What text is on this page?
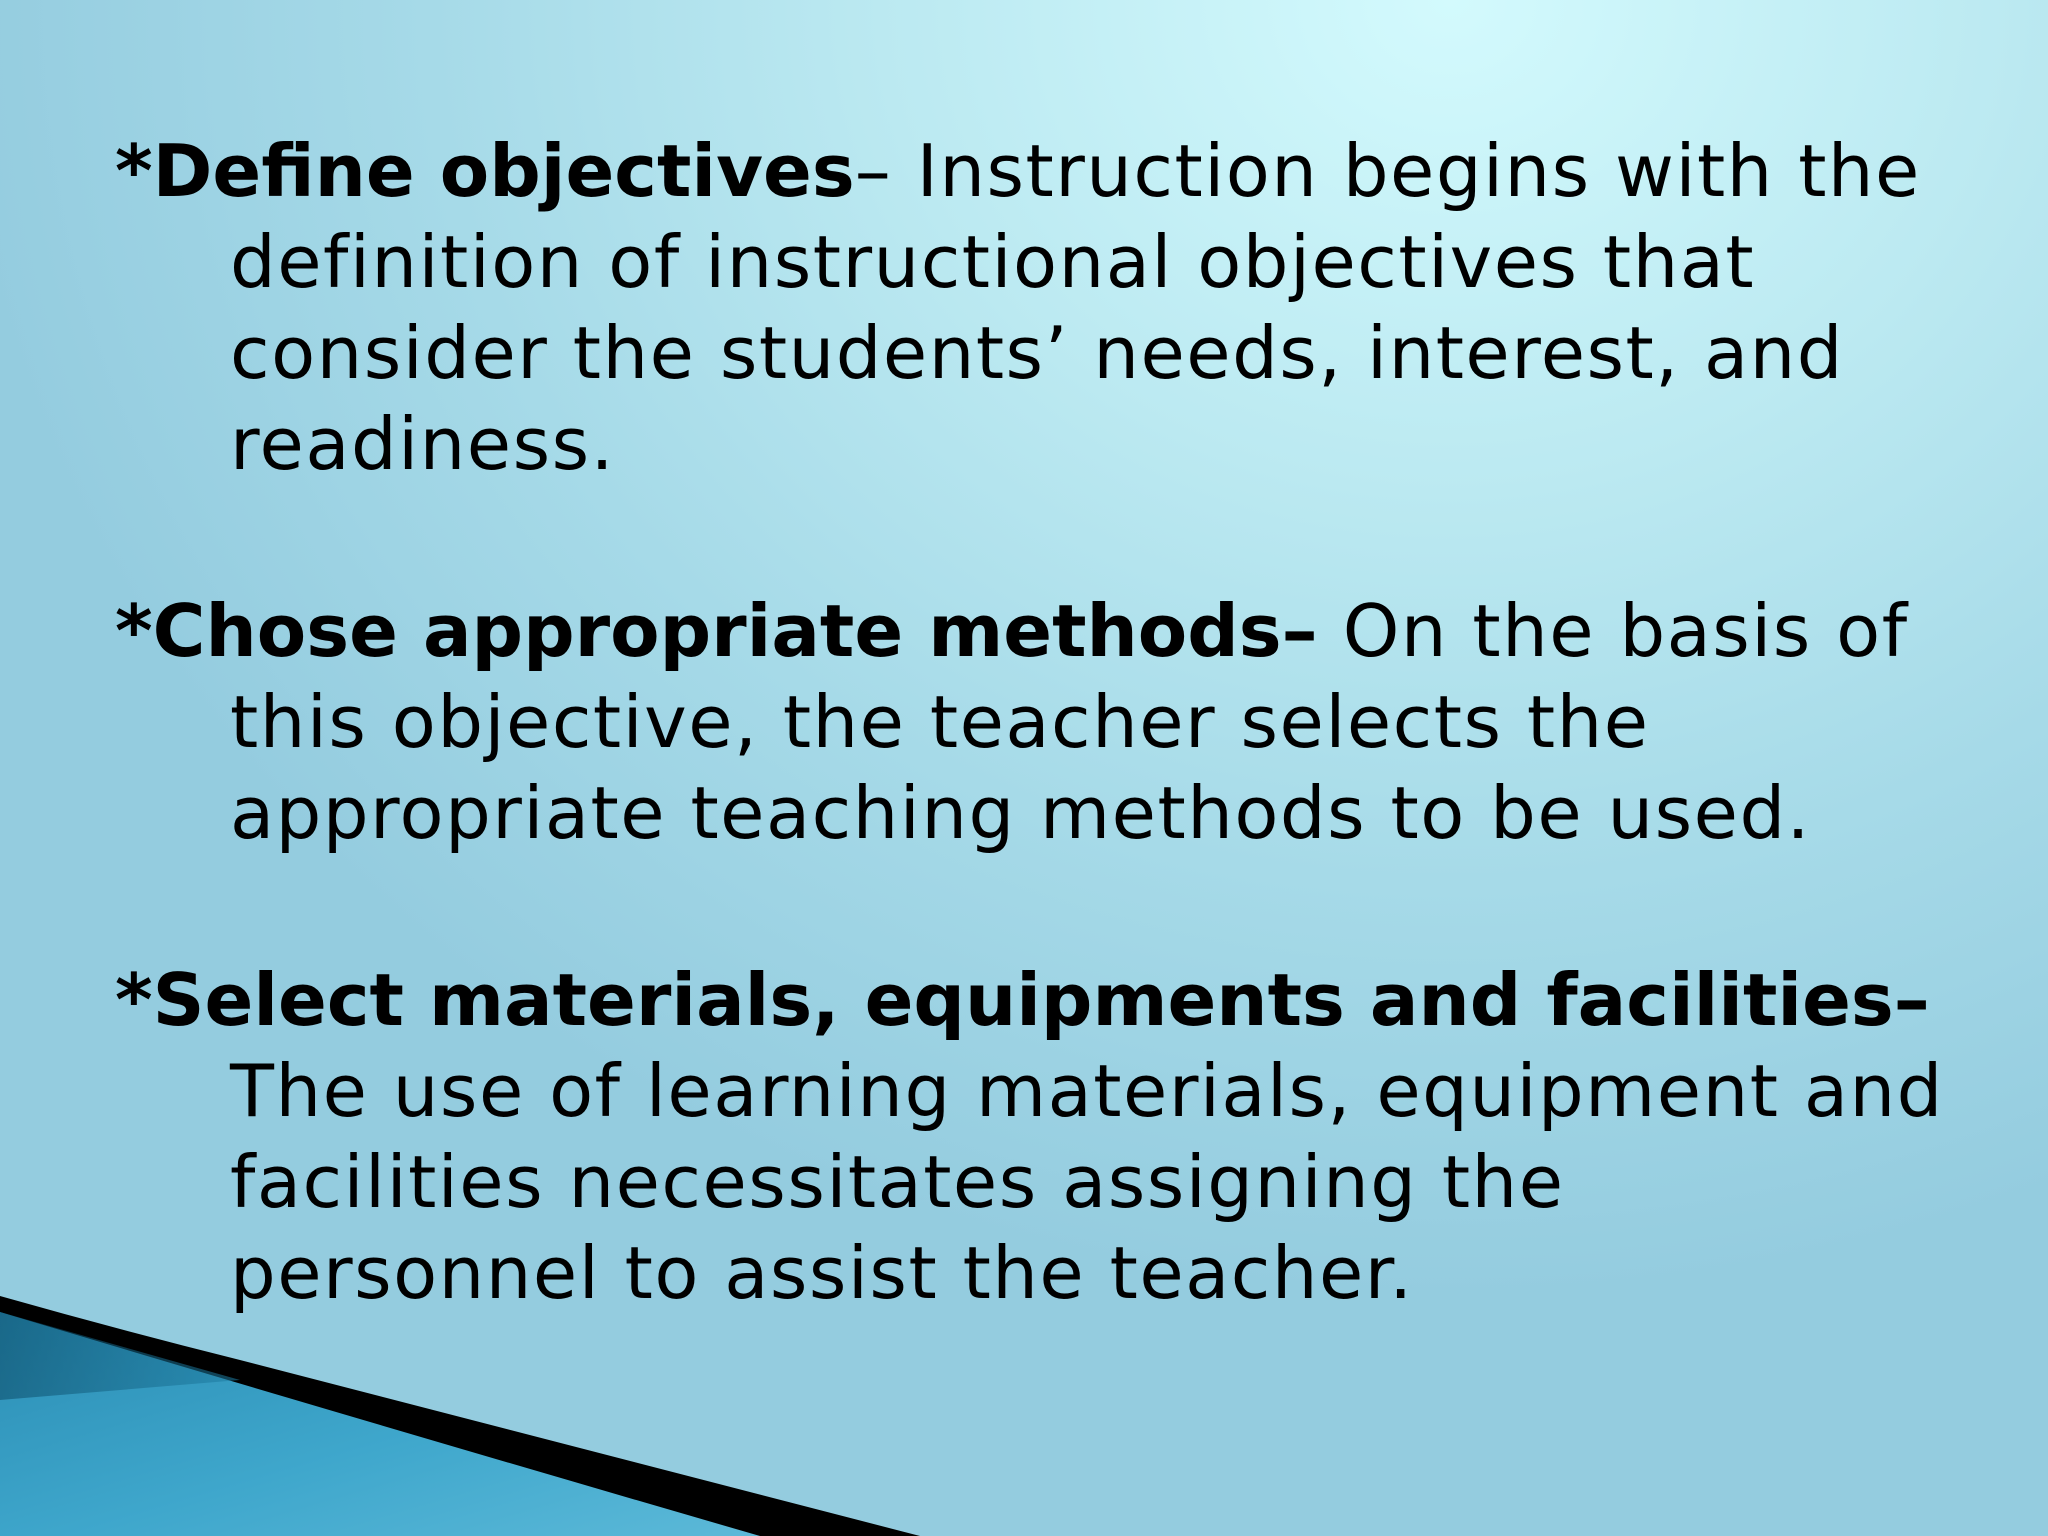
*Define objectives– Instruction begins with the definition of instructional objectives that consider the students’ needs, interest, and readiness.

*Chose appropriate methods– On the basis of this objective, the teacher selects the appropriate teaching methods to be used.

*Select materials, equipments and facilities– The use of learning materials, equipment and facilities necessitates assigning the personnel to assist the teacher.
